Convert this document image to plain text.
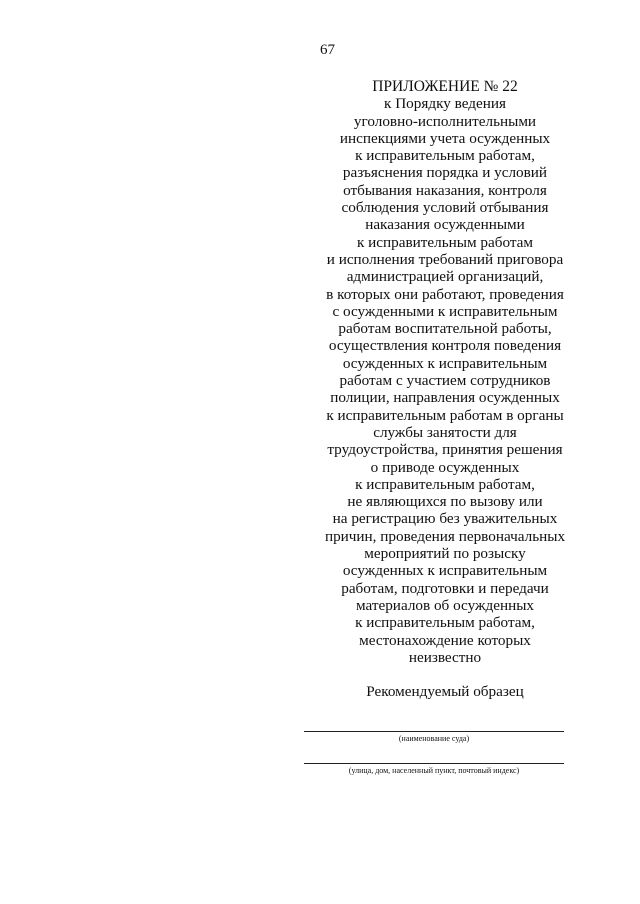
67
ПРИЛОЖЕНИЕ № 22
к Порядку ведения
уголовно-исполнительными
инспекциями учета осужденных
к исправительным работам,
разъяснения порядка и условий
отбывания наказания, контроля
соблюдения условий отбывания
наказания осужденными
к исправительным работам
и исполнения требований приговора
администрацией организаций,
в которых они работают, проведения
с осужденными к исправительным
работам воспитательной работы,
осуществления контроля поведения
осужденных к исправительным
работам с участием сотрудников
полиции, направления осужденных
к исправительным работам в органы
службы занятости для
трудоустройства, принятия решения
о приводе осужденных
к исправительным работам,
не являющихся по вызову или
на регистрацию без уважительных
причин, проведения первоначальных
мероприятий по розыску
осужденных к исправительным
работам, подготовки и передачи
материалов об осужденных
к исправительным работам,
местонахождение которых
неизвестно
Рекомендуемый образец
(наименование суда)
(улица, дом, населенный пункт, почтовый индекс)
